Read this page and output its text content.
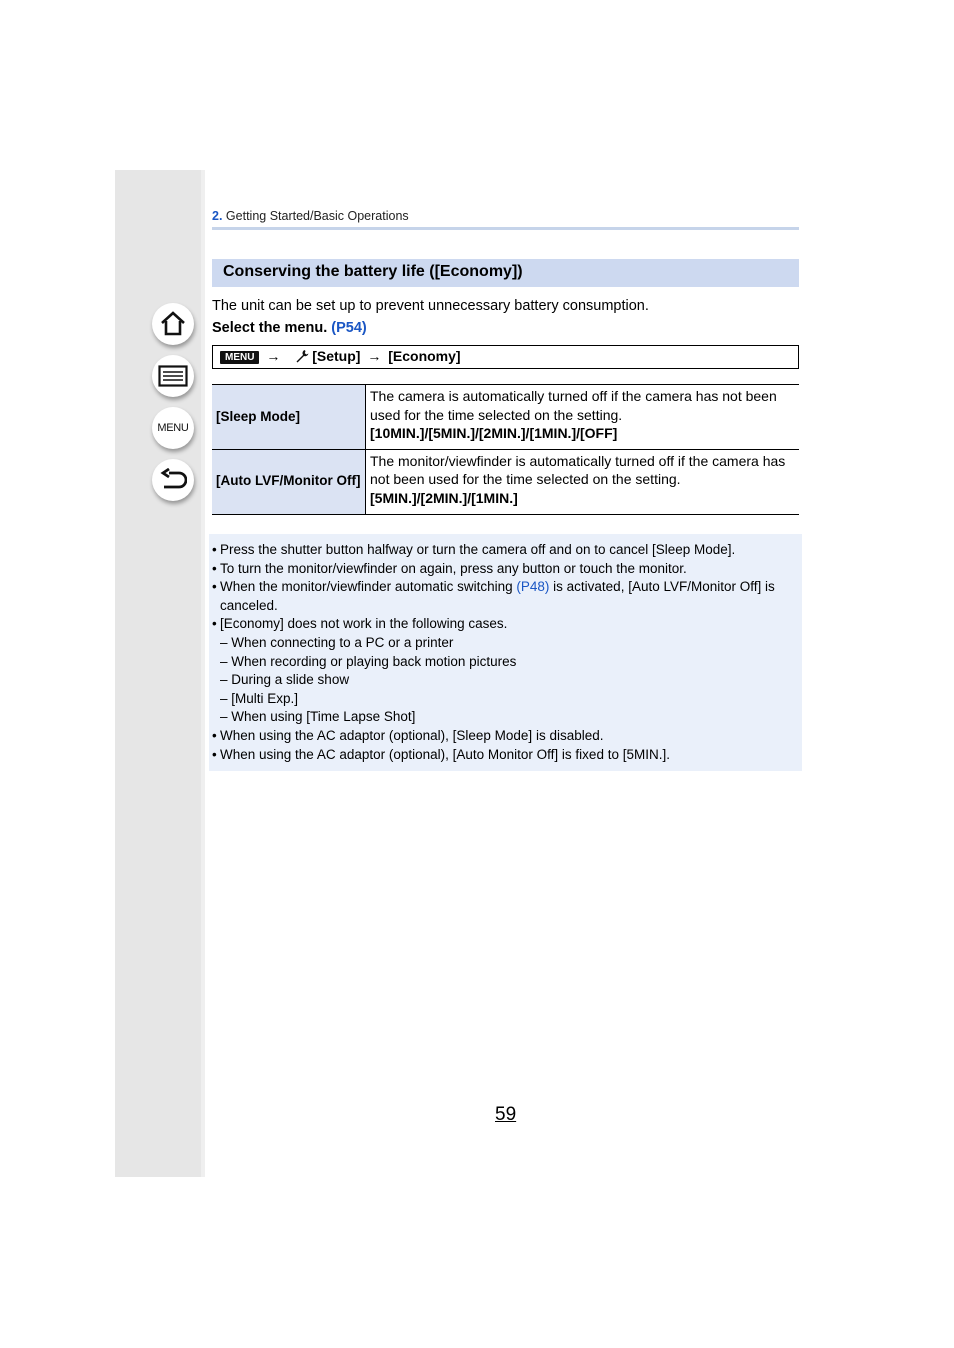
MENU
2. Getting Started/Basic Operations
Conserving the battery life ([Economy])
The unit can be set up to prevent unnecessary battery consumption.
Select the menu. (P54)
MENU → [Setup] → [Economy]
[Sleep Mode]	The camera is automatically turned off if the camera has not been used for the time selected on the setting.
[10MIN.]/[5MIN.]/[2MIN.]/[1MIN.]/[OFF]

[Auto LVF/Monitor Off]	The monitor/viewfinder is automatically turned off if the camera has not been used for the time selected on the setting.
[5MIN.]/[2MIN.]/[1MIN.]
• Press the shutter button halfway or turn the camera off and on to cancel [Sleep Mode].
• To turn the monitor/viewfinder on again, press any button or touch the monitor.
• When the monitor/viewfinder automatic switching (P48) is activated, [Auto LVF/Monitor Off] is canceled.
• [Economy] does not work in the following cases.
– When connecting to a PC or a printer
– When recording or playing back motion pictures
– During a slide show
– [Multi Exp.]
– When using [Time Lapse Shot]
• When using the AC adaptor (optional), [Sleep Mode] is disabled.
• When using the AC adaptor (optional), [Auto Monitor Off] is fixed to [5MIN.].
59
